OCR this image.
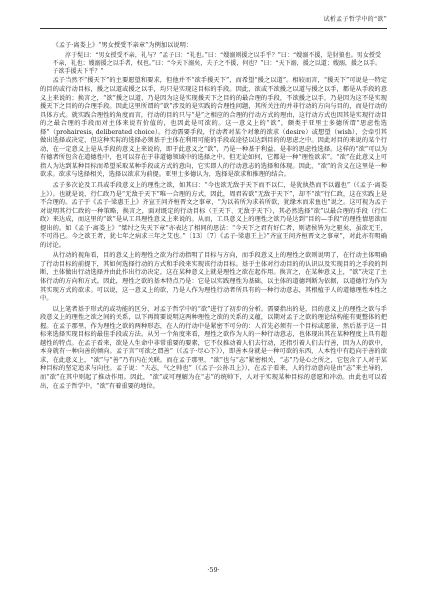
试析孟子哲学中的“欲”

《孟子·离娄上》“男女授受不亲章”为例加以说明：

淳于髡曰：“男女授受不亲，礼与？”孟子曰：“礼也。”曰：“嫂溺则援之以手乎？”曰：“嫂溺不援，是豺狼也。男女授受不亲，礼也；嫂溺援之以手者，权也。”曰：“今天下溺矣，夫子之不援，何也？”曰：“天下溺，援之以道；嫂溺，援之以手。子欲手援天下乎？”

孟子当然不“援天下”的主要愿望和要求，但他并不“欲手援天下”，而希望“援之以道”。相较而言，“援天下”可说是一特定的目的或行动目标，援之以道或援之以手，均只是实现这目标的手段。因此，欲或不欲援之以道与援之以手，都是从手段的意义上来说的；换言之，“欲”援之以道，乃是因为这是实现援天下之目的的最合理的手段，不欲援之以手，乃是因为这不是实现援天下之目的的合理手段。因此这里所谓的“欲”涉及的是实践的合理性问题，其所关注的并非行动的方向与目的，而是行动的具体方式。就实践合理性的角度而言，行动的目的只与“是”之相应的合理的行动方式的理由，这行动方式也因其是实现行动目的之最合理的手段而对主体来说有价值的，也因此是可欲的。这一意义上的“欲”，颇类于亚里士多德所谓“思虑性选择”（prohairesis, deliberated choice）。行动需要手段，行动者对某个对象的欲求（desire）或想望（wish），会牵引其做出选择或决定，但这种实际的选择必须基于主体在利用可能的手段或途径以达到目的的思虑之中。因此对目的来说的某个行动，在一定意义上是从手段的意义上来说的，即于此意义之“欲”，乃是一种基于利益、是非的思虑性选择。这样的“欲”可以为有德者所包含在道德性中，也可以存在于非道德领域中的选择之中。但无论如何，它都是一种“理性欲求”。“欲”在此意义上可指人为达到某种目标而希望采取某种手段或方式的意向，它实即人的行动意志的选择和体现。因此，“欲”的含义在这里是一种欲求。欲求与选择相关，选择以欲求为前提。亚里士多德认为，选择是欲求和推理的结合。

孟子多次论及工具或手段意义上的理性之欲，如其曰：“今也欲无敌于天下而不以仁，是犹执热而不以濯也”（《孟子·离娄上》）。也就是说，行仁政乃是“无敌于天下”唯一合理的方式，因此，周君若欲“无敌于天下”，却不“欲”行仁政，这在实践上是不合理的。孟子于《孟子·梁惠王上》齐宣王问齐桓晋文之事章，“为以若所为求若所欲，犹缘木而求鱼也”说之。这可视为孟子对说明其行仁政的一种策略，换言之，面对既定的行动目标（王天下、无敌于天下），其必然选择“欲”以最合理的手段（行仁政）来达成，而这里的“欲”是从工具理性意义上来说的。从而，工具意义上的理性之欲乃是达到“目的—手段”的理性情思欲而提出的。如《孟子·离娄上》“桀纣之失天下章”亦表达了相同的思法：“今天下之君有好仁者，则诸侯皆为之驱矣，虽欲无王，不可得已。今之欲王者，犹七年之病求三年之艾也。”〔13〕〔7〕《孟子·梁惠王上》”齐宣王问齐桓晋文之事章”，对此亦有明确的讨论。

从行动的视角看，目的意义上的理性之欲为行动指明了目标与方向，而手段意义上的理性之欲则说明了，在行动主体明确了行动目标的前提下，其如何选择行动的方式和手段来实现该行动目标。基于主体对行动目的的认识以及实现目的之手段的判断，主体做出行动选择并由此作出行动决定，这在某种意义上就是理性之欲在起作用。换言之，在某种意义上，“欲”决定了主体行动的方向和方式。因此，理性之欲的基本特点乃是：它是以实践理性为基础，以主体的道德判断为依据，以道德行为作为其实现方式的欲求。可以说，这一意义上的欲，乃是人作为理性行动者所具有的一种行动意志，其根植于人的道德理性本性之中。

以上笔者基于形式的或功能的区分，对孟子哲学中的“欲”进行了初步的分析。需要指出的是，目的意义上的理性之欲与手段意义上的理性之欲之间的关系，以下再简要说明这两种理性之欲的关系的义蕴，以期对孟子之欲的理论结构能有更整体的把握。在孟子那里，作为理性之欲的两种形态，在人的行动中是紧密不可分的：人首先必须有一个目标或愿景，然后基于这一目标来选择实现目标的最佳手段或方法。从另一个角度来看，理性之欲作为人的一种行动意志，也体现出其在某种程度上具有超越性的特点。在孟子看来，欲是人生命中非常重要的要素，它不仅推动着人们去行动，还指引着人们去行善，因为人的欲中，本身就有一种向善的倾向。孟子言“可欲之谓善”（《孟子·尽心下》），即善本身就是一种可欲的东西，人本性中有趋向于善的欲求，在此意义上，“欲”与“善”乃有内在关联。而在孟子那里，“欲”也与“志”紧密相关，“志”乃是心之所之，它包含了人对于某种目标的坚定追求与向往。孟子说：“夫志，气之帅也”（《孟子·公孙丑上》），在孟子看来，人的行动意向是由“志”来主导的，而“欲”在其中则起了推动作用。因此，“欲”或可理解为在“志”的统帅下，人对于实现某种目标的意愿和冲动。由此也可以看出，在孟子哲学中，“欲”有着重要的地位。

·59·
